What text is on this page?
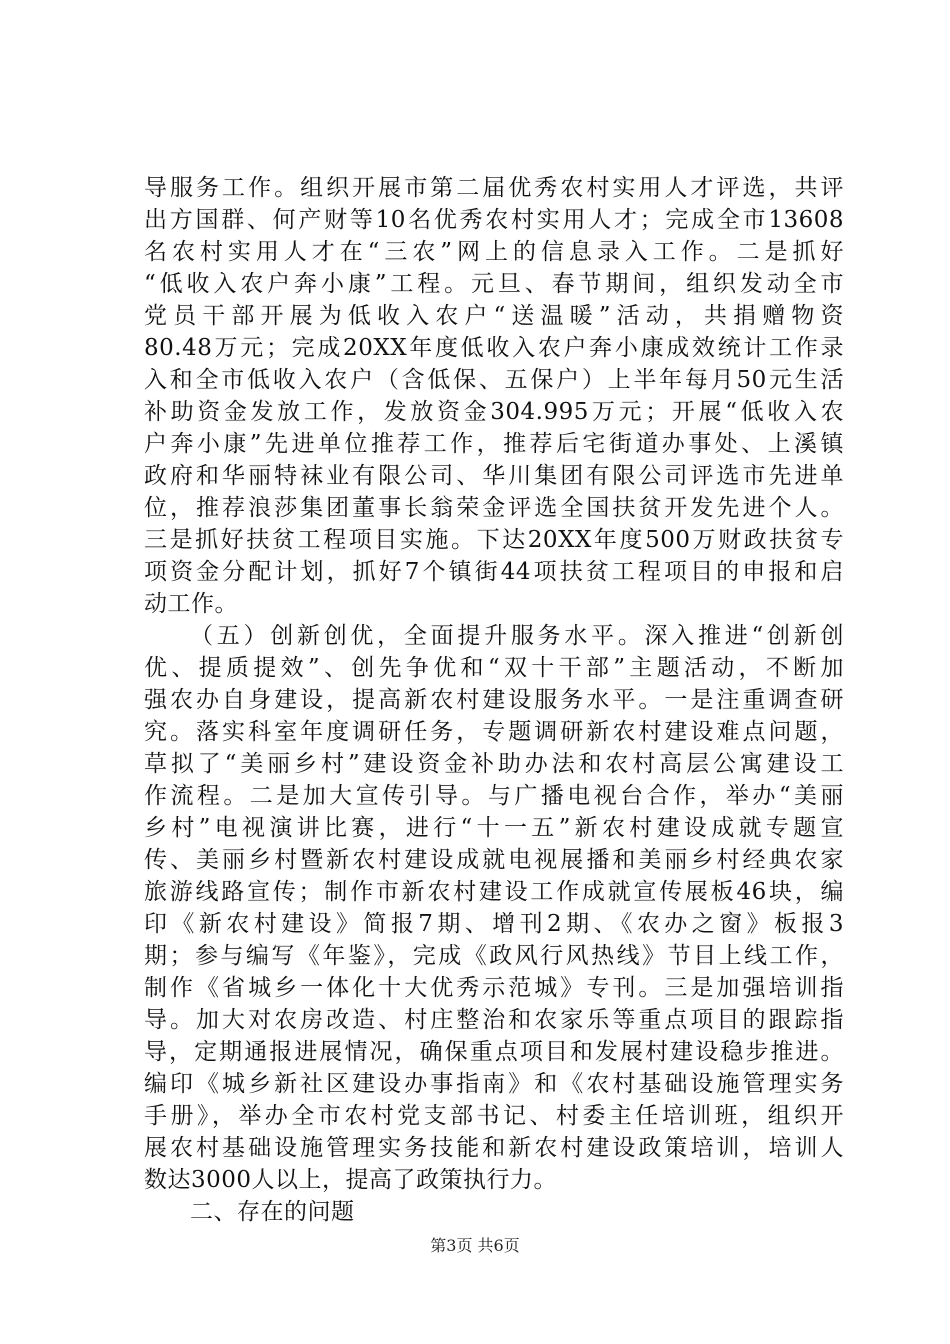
导服务工作。组织开展市第二届优秀农村实用人才评选，共评
出方国群、何产财等10名优秀农村实用人才；完成全市13608
名农村实用人才在“三农”网上的信息录入工作。二是抓好
“低收入农户奔小康”工程。元旦、春节期间，组织发动全市
党员干部开展为低收入农户“送温暖”活动，共捐赠物资
80.48万元；完成20XX年度低收入农户奔小康成效统计工作录
入和全市低收入农户（含低保、五保户）上半年每月50元生活
补助资金发放工作，发放资金304.995万元；开展“低收入农
户奔小康”先进单位推荐工作，推荐后宅街道办事处、上溪镇
政府和华丽特袜业有限公司、华川集团有限公司评选市先进单
位，推荐浪莎集团董事长翁荣金评选全国扶贫开发先进个人。
三是抓好扶贫工程项目实施。下达20XX年度500万财政扶贫专
项资金分配计划，抓好7个镇街44项扶贫工程项目的申报和启
动工作。
（五）创新创优，全面提升服务水平。深入推进“创新创
优、提质提效”、创先争优和“双十干部”主题活动，不断加
强农办自身建设，提高新农村建设服务水平。一是注重调查研
究。落实科室年度调研任务，专题调研新农村建设难点问题，
草拟了“美丽乡村”建设资金补助办法和农村高层公寓建设工
作流程。二是加大宣传引导。与广播电视台合作，举办“美丽
乡村”电视演讲比赛，进行“十一五”新农村建设成就专题宣
传、美丽乡村暨新农村建设成就电视展播和美丽乡村经典农家
旅游线路宣传；制作市新农村建设工作成就宣传展板46块，编
印《新农村建设》简报7期、增刊2期、《农办之窗》板报3
期；参与编写《年鉴》，完成《政风行风热线》节目上线工作，
制作《省城乡一体化十大优秀示范城》专刊。三是加强培训指
导。加大对农房改造、村庄整治和农家乐等重点项目的跟踪指
导，定期通报进展情况，确保重点项目和发展村建设稳步推进。
编印《城乡新社区建设办事指南》和《农村基础设施管理实务
手册》，举办全市农村党支部书记、村委主任培训班，组织开
展农村基础设施管理实务技能和新农村建设政策培训，培训人
数达3000人以上，提高了政策执行力。
二、存在的问题
第3页 共6页
